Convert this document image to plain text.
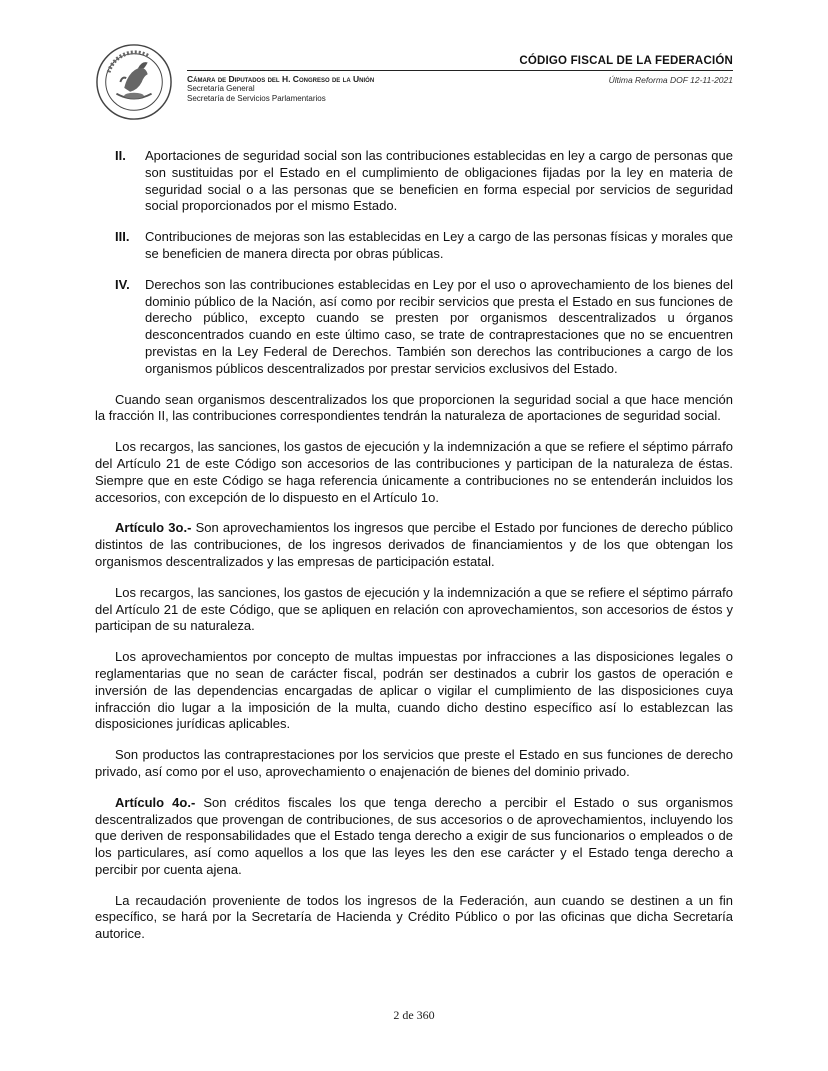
CÓDIGO FISCAL DE LA FEDERACIÓN
Última Reforma DOF 12-11-2021
Cámara de Diputados del H. Congreso de la Unión
Secretaría General
Secretaría de Servicios Parlamentarios
II.	Aportaciones de seguridad social son las contribuciones establecidas en ley a cargo de personas que son sustituidas por el Estado en el cumplimiento de obligaciones fijadas por la ley en materia de seguridad social o a las personas que se beneficien en forma especial por servicios de seguridad social proporcionados por el mismo Estado.
III.	Contribuciones de mejoras son las establecidas en Ley a cargo de las personas físicas y morales que se beneficien de manera directa por obras públicas.
IV.	Derechos son las contribuciones establecidas en Ley por el uso o aprovechamiento de los bienes del dominio público de la Nación, así como por recibir servicios que presta el Estado en sus funciones de derecho público, excepto cuando se presten por organismos descentralizados u órganos desconcentrados cuando en este último caso, se trate de contraprestaciones que no se encuentren previstas en la Ley Federal de Derechos. También son derechos las contribuciones a cargo de los organismos públicos descentralizados por prestar servicios exclusivos del Estado.

Cuando sean organismos descentralizados los que proporcionen la seguridad social a que hace mención la fracción II, las contribuciones correspondientes tendrán la naturaleza de aportaciones de seguridad social.

Los recargos, las sanciones, los gastos de ejecución y la indemnización a que se refiere el séptimo párrafo del Artículo 21 de este Código son accesorios de las contribuciones y participan de la naturaleza de éstas. Siempre que en este Código se haga referencia únicamente a contribuciones no se entenderán incluidos los accesorios, con excepción de lo dispuesto en el Artículo 1o.

Artículo 3o.- Son aprovechamientos los ingresos que percibe el Estado por funciones de derecho público distintos de las contribuciones, de los ingresos derivados de financiamientos y de los que obtengan los organismos descentralizados y las empresas de participación estatal.

Los recargos, las sanciones, los gastos de ejecución y la indemnización a que se refiere el séptimo párrafo del Artículo 21 de este Código, que se apliquen en relación con aprovechamientos, son accesorios de éstos y participan de su naturaleza.

Los aprovechamientos por concepto de multas impuestas por infracciones a las disposiciones legales o reglamentarias que no sean de carácter fiscal, podrán ser destinados a cubrir los gastos de operación e inversión de las dependencias encargadas de aplicar o vigilar el cumplimiento de las disposiciones cuya infracción dio lugar a la imposición de la multa, cuando dicho destino específico así lo establezcan las disposiciones jurídicas aplicables.

Son productos las contraprestaciones por los servicios que preste el Estado en sus funciones de derecho privado, así como por el uso, aprovechamiento o enajenación de bienes del dominio privado.

Artículo 4o.- Son créditos fiscales los que tenga derecho a percibir el Estado o sus organismos descentralizados que provengan de contribuciones, de sus accesorios o de aprovechamientos, incluyendo los que deriven de responsabilidades que el Estado tenga derecho a exigir de sus funcionarios o empleados o de los particulares, así como aquellos a los que las leyes les den ese carácter y el Estado tenga derecho a percibir por cuenta ajena.

La recaudación proveniente de todos los ingresos de la Federación, aun cuando se destinen a un fin específico, se hará por la Secretaría de Hacienda y Crédito Público o por las oficinas que dicha Secretaría autorice.

2 de 360
